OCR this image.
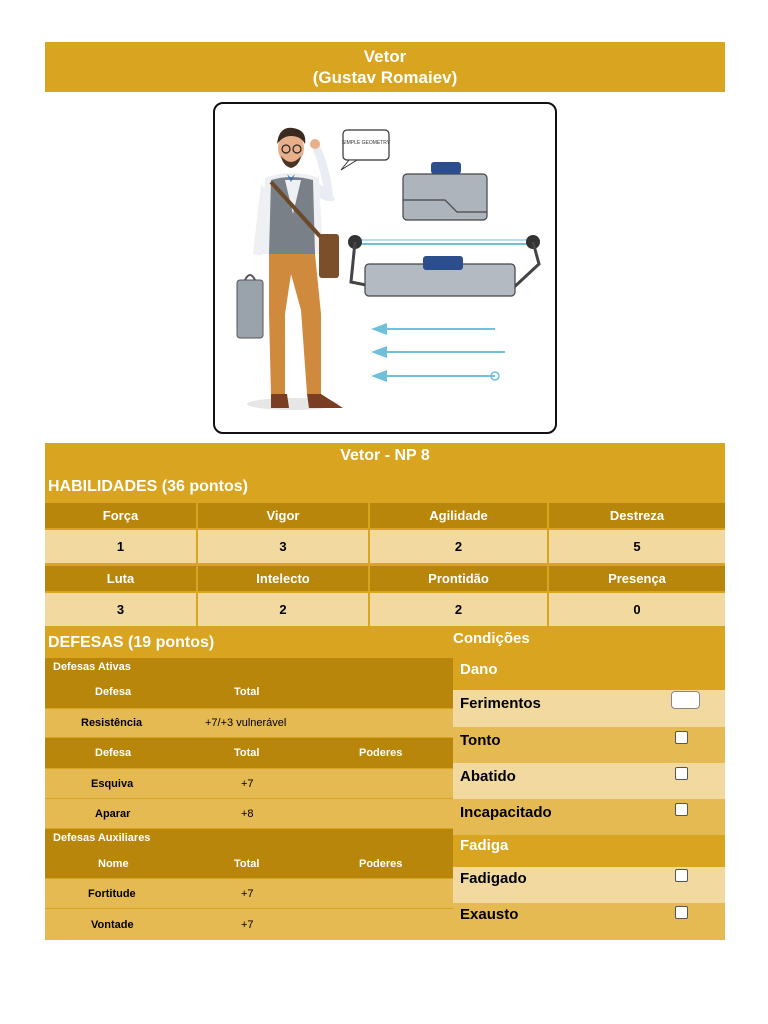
Vetor
(Gustav Romaiev)
SIMPLE GEOMETRY
Vetor - NP 8
HABILIDADES (36 pontos)
Força	Vigor	Agilidade	Destreza
1	3	2	5
Luta	Intelecto	Prontidão	Presença
3	2	2	0
DEFESAS (19 pontos)
Defesas Ativas
Defesa	Total
Resistência	+7/+3 vulnerável
Defesa	Total	Poderes
Esquiva	+7
Aparar	+8
Defesas Auxiliares
Nome	Total	Poderes
Fortitude	+7
Vontade	+7
Condições
Dano
Ferimentos
Tonto
Abatido
Incapacitado
Fadiga
Fadigado
Exausto
